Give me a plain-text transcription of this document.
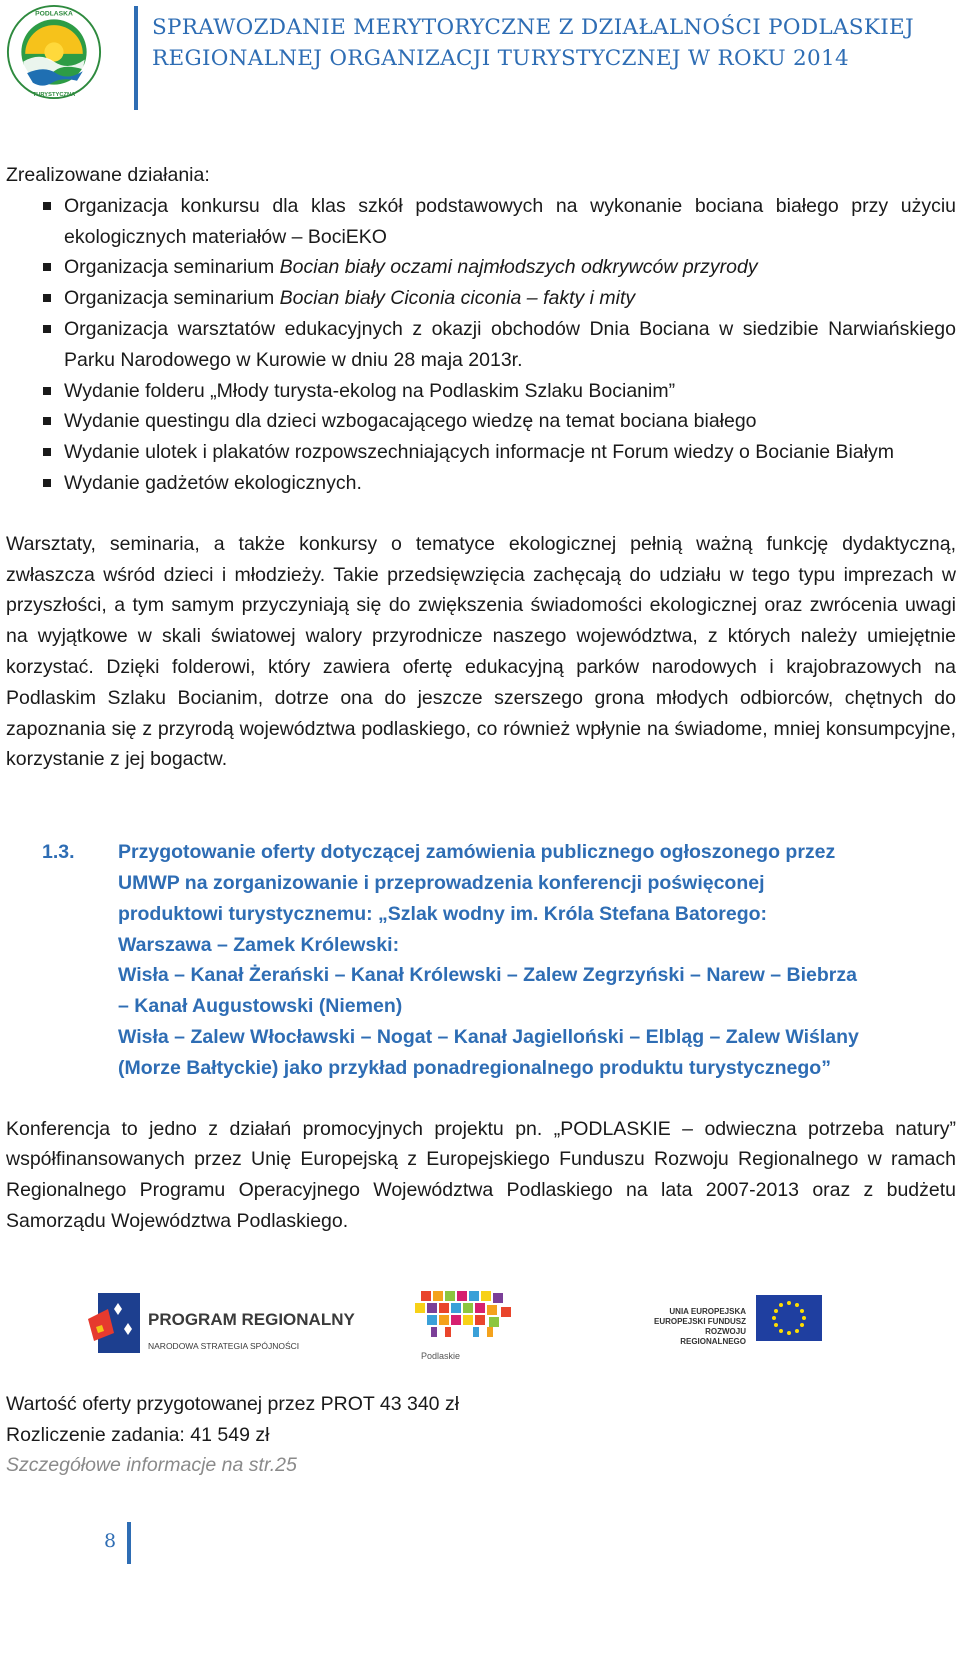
PODLASKA
TURYSTYCZNA
SPRAWOZDANIE MERYTORYCZNE Z DZIAŁALNOŚCI PODLASKIEJ
REGIONALNEJ ORGANIZACJI TURYSTYCZNEJ W ROKU 2014

Zrealizowane działania:

Organizacja konkursu dla klas szkół podstawowych na wykonanie bociana białego przy użyciu ekologicznych materiałów – BociEKO
Organizacja seminarium Bocian biały oczami najmłodszych odkrywców przyrody
Organizacja seminarium Bocian biały Ciconia ciconia – fakty i mity
Organizacja warsztatów edukacyjnych z okazji obchodów Dnia Bociana w siedzibie Narwiańskiego Parku Narodowego w Kurowie w dniu 28 maja 2013r.
Wydanie folderu „Młody turysta-ekolog na Podlaskim Szlaku Bocianim”
Wydanie questingu dla dzieci wzbogacającego wiedzę na temat bociana białego
Wydanie ulotek i plakatów rozpowszechniających informacje nt Forum wiedzy o Bocianie Białym
Wydanie gadżetów ekologicznych.

Warsztaty, seminaria, a także konkursy o tematyce ekologicznej pełnią ważną funkcję dydaktyczną, zwłaszcza wśród dzieci i młodzieży. Takie przedsięwzięcia zachęcają do udziału w tego typu imprezach w przyszłości, a tym samym przyczyniają się do zwiększenia świadomości ekologicznej oraz zwrócenia uwagi na wyjątkowe w skali światowej walory przyrodnicze naszego województwa, z których należy umiejętnie korzystać. Dzięki folderowi, który zawiera ofertę edukacyjną parków narodowych i krajobrazowych na Podlaskim Szlaku Bocianim, dotrze ona do jeszcze szerszego grona młodych odbiorców, chętnych do zapoznania się z przyrodą województwa podlaskiego, co również wpłynie na świadome, mniej konsumpcyjne, korzystanie z jej bogactw.

1.3.	Przygotowanie oferty dotyczącej zamówienia publicznego ogłoszonego przez
UMWP na zorganizowanie i przeprowadzenia konferencji poświęconej
produktowi turystycznemu: „Szlak wodny im. Króla Stefana Batorego:
Warszawa – Zamek Królewski:
Wisła – Kanał Żerański – Kanał Królewski – Zalew Zegrzyński – Narew – Biebrza
– Kanał Augustowski (Niemen)
Wisła – Zalew Włocławski – Nogat – Kanał Jagielloński – Elbląg – Zalew Wiślany
(Morze Bałtyckie) jako przykład ponadregionalnego produktu turystycznego”

Konferencja to jedno z działań promocyjnych projektu pn. „PODLASKIE – odwieczna potrzeba natury” współfinansowanych przez Unię Europejską z Europejskiego Funduszu Rozwoju Regionalnego w ramach Regionalnego Programu Operacyjnego Województwa Podlaskiego na lata 2007-2013 oraz z budżetu Samorządu Województwa Podlaskiego.

PROGRAM REGIONALNY
NARODOWA STRATEGIA SPÓJNOŚCI
Podlaskie
UNIA EUROPEJSKA
EUROPEJSKI FUNDUSZ
ROZWOJU REGIONALNEGO

Wartość oferty przygotowanej przez PROT 43 340 zł

Rozliczenie zadania: 41 549 zł

Szczegółowe informacje na str.25

8
